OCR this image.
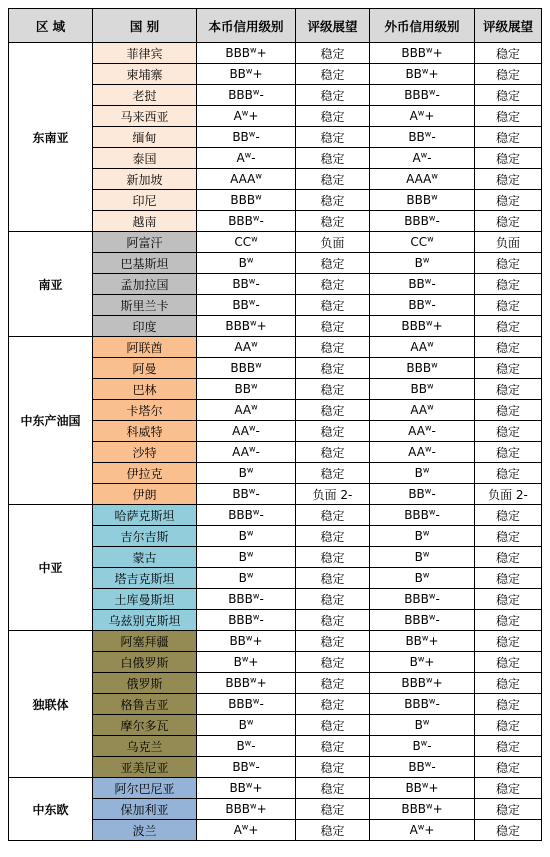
区 域	国 别	本币信用级别	评级展望	外币信用级别	评级展望
东南亚	菲律宾	$BBB^w+$	稳定	$BBB^w+$	稳定
	柬埔寨	$BB^w+$	稳定	$BB^w+$	稳定
	老挝	BBB$^w$-	稳定	BBB$^w$-	稳定
	马来西亚	$A^w+$	稳定	$A^w+$	稳定
	缅甸	$BB^w-$	稳定	$BB^w-$	稳定
	泰国	$A^w-$	稳定	$A^w-$	稳定
	新加坡	AAA$^w$	稳定	AAA$^w$	稳定
	印尼	BBB$^w$	稳定	BBB$^w$	稳定
	越南	BBB$^w$-	稳定	BBB$^w$-	稳定
南亚	阿富汗	$CC^w$	负面	$CC^w$	负面
	巴基斯坦	$B^w$	稳定	$B^w$	稳定
	孟加拉国	$BB^w-$	稳定	$BB^w-$	稳定
	斯里兰卡	$BB^w-$	稳定	$BB^w-$	稳定
	印度	$BBB^w+$	稳定	$BBB^w+$	稳定
中东产油国	阿联酋	$AA^w$	稳定	$AA^w$	稳定
	阿曼	BBB$^w$	稳定	BBB$^w$	稳定
	巴林	$BB^w$	稳定	$BB^w$	稳定
	卡塔尔	$AA^w$	稳定	$AA^w$	稳定
	科威特	$AA^w-$	稳定	$AA^w-$	稳定
	沙特	$AA^w-$	稳定	$AA^w-$	稳定
	伊拉克	$B^w$	稳定	$B^w$	稳定
	伊朗	$BB^w-$	负面 2-	$BB^w-$	负面 2-
中亚	哈萨克斯坦	BBB$^w$-	稳定	BBB$^w$-	稳定
	吉尔吉斯	$B^w$	稳定	$B^w$	稳定
	蒙古	$B^w$	稳定	$B^w$	稳定
	塔吉克斯坦	$B^w$	稳定	$B^w$	稳定
	土库曼斯坦	BBB$^w$-	稳定	BBB$^w$-	稳定
	乌兹别克斯坦	BBB$^w$-	稳定	BBB$^w$-	稳定
独联体	阿塞拜疆	$BB^w+$	稳定	$BB^w+$	稳定
	白俄罗斯	$B^w+$	稳定	$B^w+$	稳定
	俄罗斯	$BBB^w+$	稳定	$BBB^w+$	稳定
	格鲁吉亚	BBB$^w$-	稳定	BBB$^w$-	稳定
	摩尔多瓦	$B^w$	稳定	$B^w$	稳定
	乌克兰	$B^w-$	稳定	$B^w-$	稳定
	亚美尼亚	$BB^w-$	稳定	$BB^w-$	稳定
中东欧	阿尔巴尼亚	$BB^w+$	稳定	$BB^w+$	稳定
	保加利亚	$BBB^w+$	稳定	$BBB^w+$	稳定
	波兰	$A^w+$	稳定	$A^w+$	稳定
